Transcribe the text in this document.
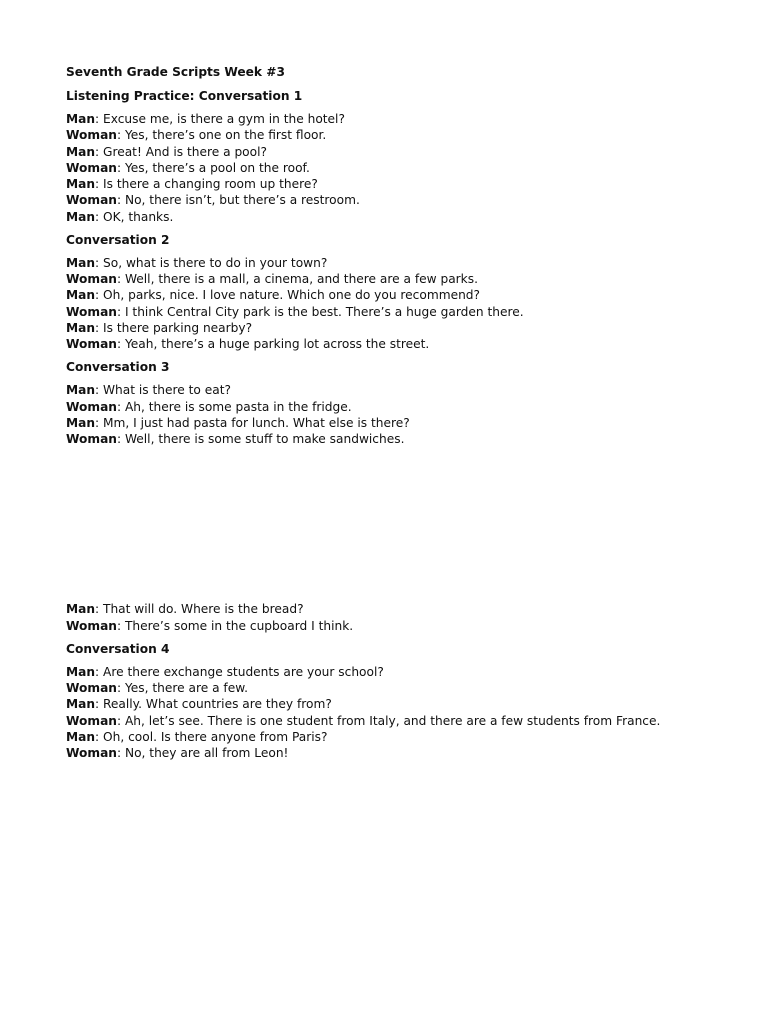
Seventh Grade Scripts Week #3
Listening Practice: Conversation 1
Man: Excuse me, is there a gym in the hotel?
Woman: Yes, there’s one on the first floor.
Man: Great! And is there a pool?
Woman: Yes, there’s a pool on the roof.
Man: Is there a changing room up there?
Woman: No, there isn’t, but there’s a restroom.
Man: OK, thanks.
Conversation 2
Man: So, what is there to do in your town?
Woman: Well, there is a mall, a cinema, and there are a few parks.
Man: Oh, parks, nice. I love nature. Which one do you recommend?
Woman: I think Central City park is the best. There’s a huge garden there.
Man: Is there parking nearby?
Woman: Yeah, there’s a huge parking lot across the street.
Conversation 3
Man: What is there to eat?
Woman: Ah, there is some pasta in the fridge.
Man: Mm, I just had pasta for lunch. What else is there?
Woman: Well, there is some stuff to make sandwiches.
Man: That will do. Where is the bread?
Woman: There’s some in the cupboard I think.
Conversation 4
Man: Are there exchange students are your school?
Woman: Yes, there are a few.
Man: Really. What countries are they from?
Woman: Ah, let’s see. There is one student from Italy, and there are a few students from France.
Man: Oh, cool. Is there anyone from Paris?
Woman: No, they are all from Leon!
